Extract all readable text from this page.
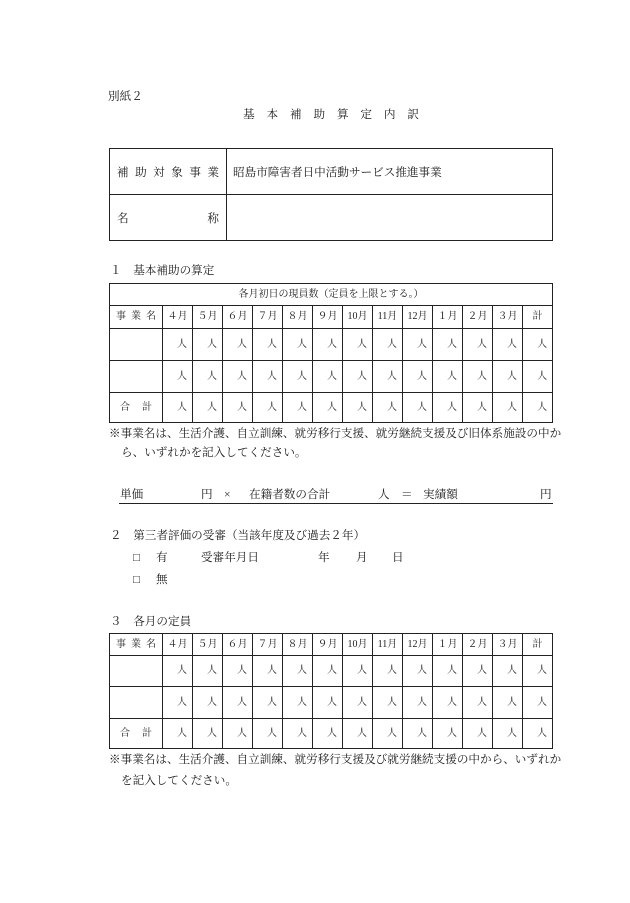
別紙２
基 本 補 助 算 定 内 訳
補 助 対 象 事 業	昭島市障害者日中活動サービス推進事業
名 称	
１　基本補助の算定
各月初日の現員数（定員を上限とする。）													
事 業 名	４月	５月	６月	７月	８月	９月	10月	11月	12月	１月	２月	３月	計
	人	人	人	人	人	人	人	人	人	人	人	人	人
	人	人	人	人	人	人	人	人	人	人	人	人	人
合 計	人	人	人	人	人	人	人	人	人	人	人	人	人
※事業名は、生活介護、自立訓練、就労移行支援、就労継続支援及び旧体系施設の中か
ら、いずれかを記入してください。
単価	円 × 在籍者数の合計	人 ＝ 実績額	円
２　第三者評価の受審（当該年度及び過去２年）
□ 有	受審年月日	年 月 日
□ 無
３　各月の定員
事 業 名	４月	５月	６月	７月	８月	９月	10月	11月	12月	１月	２月	３月	計
	人	人	人	人	人	人	人	人	人	人	人	人	人
	人	人	人	人	人	人	人	人	人	人	人	人	人
合 計	人	人	人	人	人	人	人	人	人	人	人	人	人
※事業名は、生活介護、自立訓練、就労移行支援及び就労継続支援の中から、いずれか
を記入してください。
